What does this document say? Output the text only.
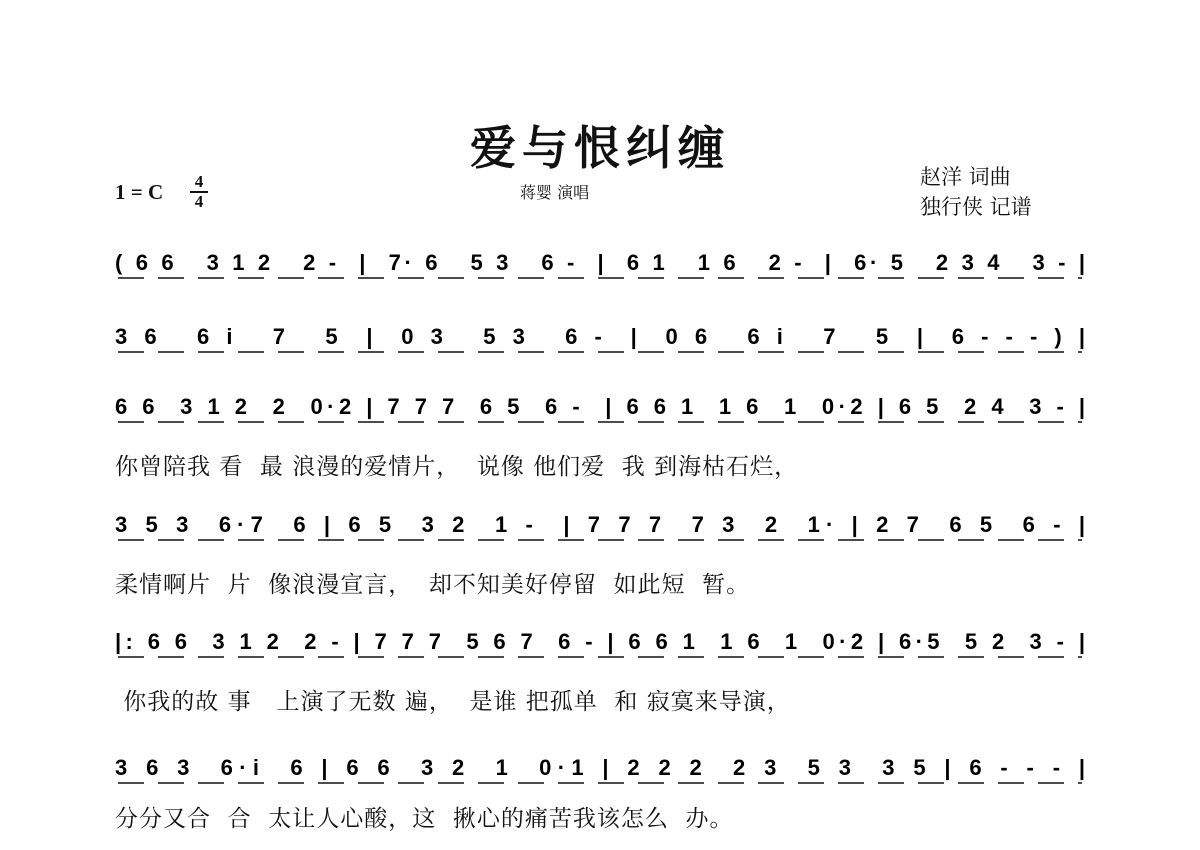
爱与恨纠缠
蒋婴 演唱
1 = C	4
4
赵洋 词曲
独行侠 记谱
( 6 6   3 1 2   2 -  |  7· 6   5 3   6 -  |  6 1   1 6   2 -  |  6· 5   2 3 4   3 - |
3 6   6 i   7   5  |  0 3   5 3   6 -  |  0 6   6 i   7   5  |  6 - - - ) |
6 6  3 1 2  2  0·2 | 7 7 7  6 5  6 -  | 6 6 1  1 6  1  0·2 | 6 5  2 4  3 - |
3 5 3  6·7  6 | 6 5  3 2  1 -  | 7 7 7  7 3  2  1· | 2 7  6 5  6 - |
|: 6 6  3 1 2  2 - | 7 7 7  5 6 7  6 - | 6 6 1  1 6  1  0·2 | 6·5  5 2  3 - |
3 6 3  6·i  6 | 6 6  3 2  1  0·1 | 2 2 2  2 3  5 3  3 5 | 6 - - - |
你曾陪我 看  最 浪漫的爱情片，  说像 他们爱  我 到海枯石烂，
柔情啊片  片  像浪漫宣言，  却不知美好停留  如此短  暂。
你我的故 事   上演了无数 遍，  是谁 把孤单  和 寂寞来导演，
分分又合  合  太让人心酸，这  揪心的痛苦我该怎么  办。
